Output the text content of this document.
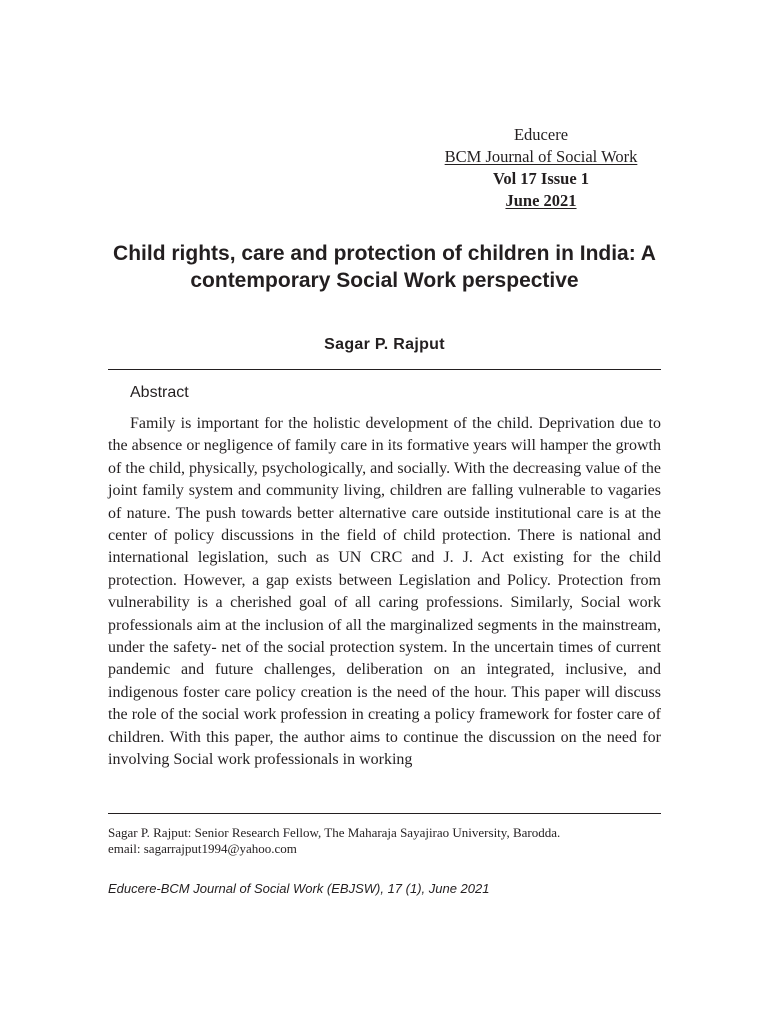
Educere
BCM Journal of Social Work
Vol 17 Issue 1
June 2021
Child rights, care and protection of children in India: A contemporary Social Work perspective
Sagar P. Rajput
Abstract

Family is important for the holistic development of the child. Deprivation due to the absence or negligence of family care in its formative years will hamper the growth of the child, physically, psychologically, and socially. With the decreasing value of the joint family system and community living, children are falling vulnerable to vagaries of nature. The push towards better alternative care outside institutional care is at the center of policy discussions in the field of child protection. There is national and international legislation, such as UN CRC and J. J. Act existing for the child protection. However, a gap exists between Legislation and Policy. Protection from vulnerability is a cherished goal of all caring professions. Similarly, Social work professionals aim at the inclusion of all the marginalized segments in the mainstream, under the safety- net of the social protection system. In the uncertain times of current pandemic and future challenges, deliberation on an integrated, inclusive, and indigenous foster care policy creation is the need of the hour. This paper will discuss the role of the social work profession in creating a policy framework for foster care of children. With this paper, the author aims to continue the discussion on the need for involving Social work professionals in working

Sagar P. Rajput: Senior Research Fellow, The Maharaja Sayajirao University, Barodda.
email: sagarrajput1994@yahoo.com
Educere-BCM Journal of Social Work (EBJSW), 17 (1), June 2021
